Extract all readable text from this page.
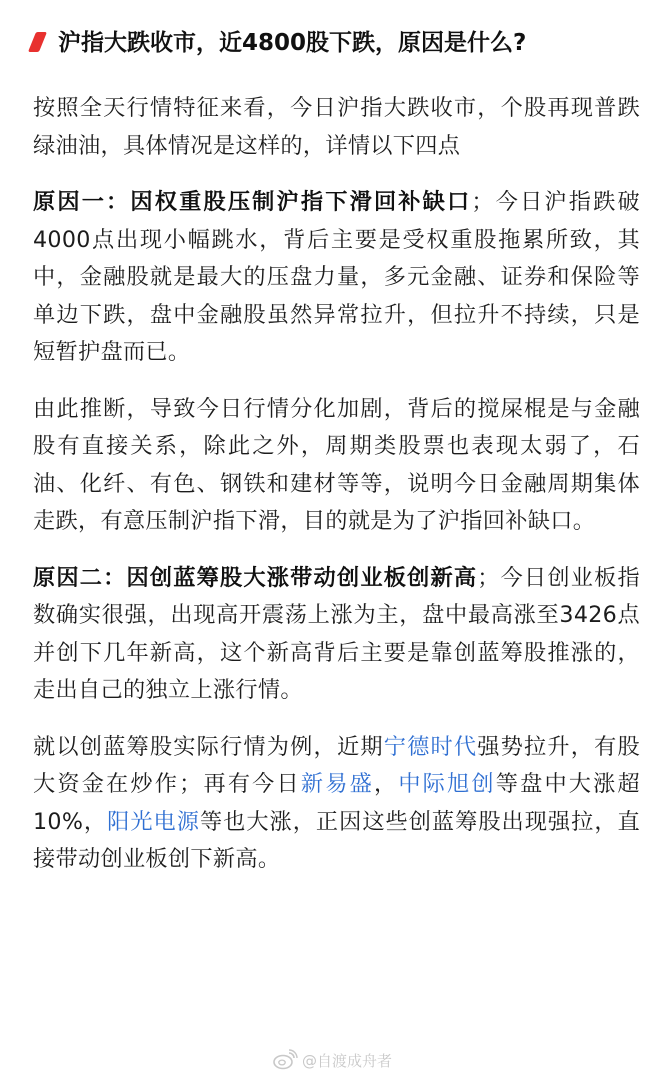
沪指大跌收市，近4800股下跌，原因是什么?

按照全天行情特征来看，今日沪指大跌收市，个股再现普跌绿油油，具体情况是这样的，详情以下四点

原因一：因权重股压制沪指下滑回补缺口；今日沪指跌破4000点出现小幅跳水，背后主要是受权重股拖累所致，其中，金融股就是最大的压盘力量，多元金融、证券和保险等单边下跌，盘中金融股虽然异常拉升，但拉升不持续，只是短暂护盘而已。

由此推断，导致今日行情分化加剧，背后的搅屎棍是与金融股有直接关系，除此之外，周期类股票也表现太弱了，石油、化纤、有色、钢铁和建材等等，说明今日金融周期集体走跌，有意压制沪指下滑，目的就是为了沪指回补缺口。

原因二：因创蓝筹股大涨带动创业板创新高；今日创业板指数确实很强，出现高开震荡上涨为主，盘中最高涨至3426点并创下几年新高，这个新高背后主要是靠创蓝筹股推涨的，走出自己的独立上涨行情。

就以创蓝筹股实际行情为例，近期宁德时代强势拉升，有股大资金在炒作；再有今日新易盛，中际旭创等盘中大涨超10%，阳光电源等也大涨，正因这些创蓝筹股出现强拉，直接带动创业板创下新高。

@自渡成舟者
